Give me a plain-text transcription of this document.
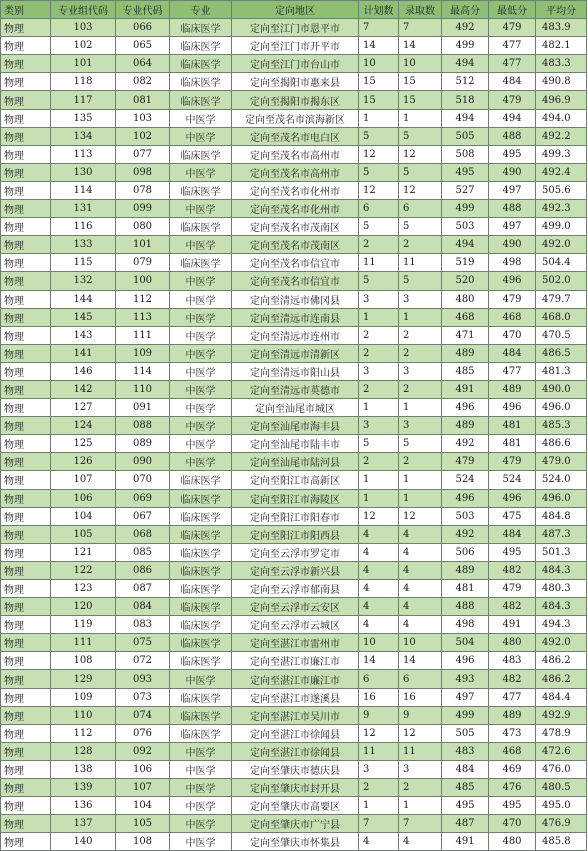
类别	专业组代码	专业代码	专业	定向地区	计划数	录取数	最高分	最低分	平均分
物理	103	066	临床医学	定向至江门市恩平市	7	7	492	479	483.9
物理	102	065	临床医学	定向至江门市开平市	14	14	499	477	482.1
物理	101	064	临床医学	定向至江门市台山市	10	10	494	477	483.3
物理	118	082	临床医学	定向至揭阳市惠来县	15	15	512	484	490.8
物理	117	081	临床医学	定向至揭阳市揭东区	15	15	518	479	496.9
物理	135	103	中医学	定向至茂名市滨海新区	1	1	494	494	494.0
物理	134	102	中医学	定向至茂名市电白区	5	5	505	488	492.2
物理	113	077	临床医学	定向至茂名市高州市	12	12	508	495	499.3
物理	130	098	中医学	定向至茂名市高州市	5	5	495	490	492.4
物理	114	078	临床医学	定向至茂名市化州市	12	12	527	497	505.6
物理	131	099	中医学	定向至茂名市化州市	6	6	499	488	492.3
物理	116	080	临床医学	定向至茂名市茂南区	5	5	503	497	499.0
物理	133	101	中医学	定向至茂名市茂南区	2	2	494	490	492.0
物理	115	079	临床医学	定向至茂名市信宜市	11	11	519	498	504.4
物理	132	100	中医学	定向至茂名市信宜市	5	5	520	496	502.0
物理	144	112	中医学	定向至清远市佛冈县	3	3	480	479	479.7
物理	145	113	中医学	定向至清远市连南县	1	1	468	468	468.0
物理	143	111	中医学	定向至清远市连州市	2	2	471	470	470.5
物理	141	109	中医学	定向至清远市清新区	2	2	489	484	486.5
物理	146	114	中医学	定向至清远市阳山县	3	3	485	477	481.3
物理	142	110	中医学	定向至清远市英德市	2	2	491	489	490.0
物理	127	091	中医学	定向至汕尾市城区	1	1	496	496	496.0
物理	124	088	中医学	定向至汕尾市海丰县	3	3	489	481	485.3
物理	125	089	中医学	定向至汕尾市陆丰市	5	5	492	481	486.6
物理	126	090	中医学	定向至汕尾市陆河县	2	2	479	479	479.0
物理	107	070	临床医学	定向至阳江市高新区	1	1	524	524	524.0
物理	106	069	临床医学	定向至阳江市海陵区	1	1	496	496	496.0
物理	104	067	临床医学	定向至阳江市阳春市	12	12	503	475	484.8
物理	105	068	临床医学	定向至阳江市阳西县	4	4	492	484	487.3
物理	121	085	临床医学	定向至云浮市罗定市	4	4	506	495	501.3
物理	122	086	临床医学	定向至云浮市新兴县	4	4	489	482	484.3
物理	123	087	临床医学	定向至云浮市郁南县	4	4	481	479	480.3
物理	120	084	临床医学	定向至云浮市云安区	4	4	488	482	484.3
物理	119	083	临床医学	定向至云浮市云城区	4	4	498	491	494.3
物理	111	075	临床医学	定向至湛江市雷州市	10	10	504	480	492.0
物理	108	072	临床医学	定向至湛江市廉江市	14	14	496	483	486.2
物理	129	093	中医学	定向至湛江市廉江市	6	6	493	482	486.2
物理	109	073	临床医学	定向至湛江市遂溪县	16	16	497	477	484.4
物理	110	074	临床医学	定向至湛江市吴川市	9	9	499	489	492.9
物理	112	076	临床医学	定向至湛江市徐闻县	12	12	505	473	478.9
物理	128	092	中医学	定向至湛江市徐闻县	11	11	483	468	472.6
物理	138	106	中医学	定向至肇庆市德庆县	3	3	484	469	476.0
物理	139	107	中医学	定向至肇庆市封开县	2	2	485	476	480.5
物理	136	104	中医学	定向至肇庆市高要区	1	1	495	495	495.0
物理	137	105	中医学	定向至肇庆市广宁县	7	7	487	470	476.9
物理	140	108	中医学	定向至肇庆市怀集县	4	4	491	480	485.8
